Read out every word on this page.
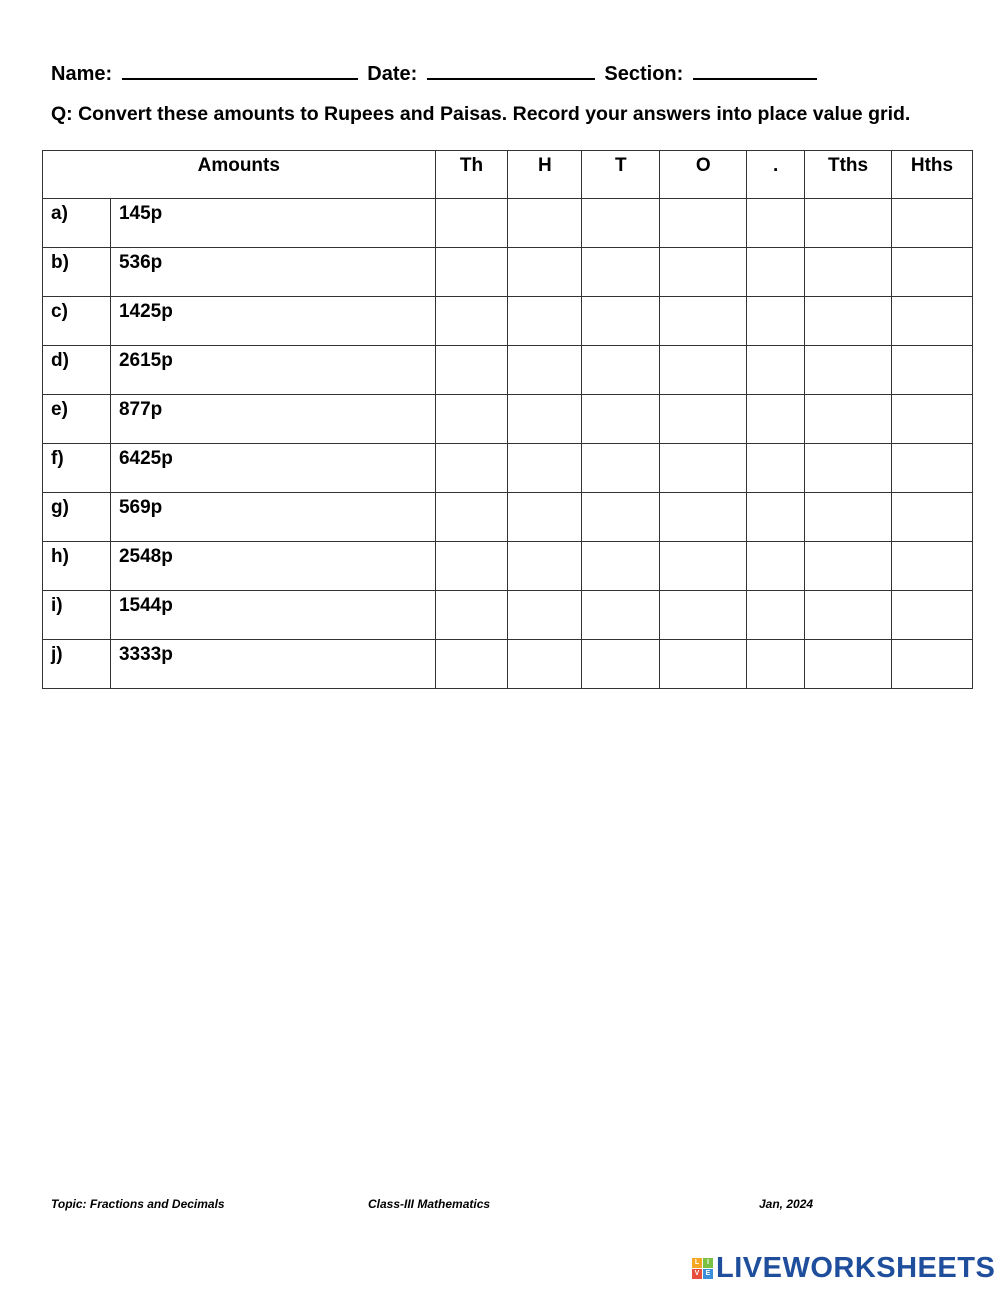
Name:	Date:	Section:
Q: Convert these amounts to Rupees and Paisas. Record your answers into place value grid.
Amounts		Th	H	T	O	.	Tths	Hths
a)	145p							
b)	536p							
c)	1425p							
d)	2615p							
e)	877p							
f)	6425p							
g)	569p							
h)	2548p							
i)	1544p							
j)	3333p							
Topic: Fractions and Decimals	Class-III Mathematics	Jan, 2024
L	I
V E LIVEWORKSHEETS
